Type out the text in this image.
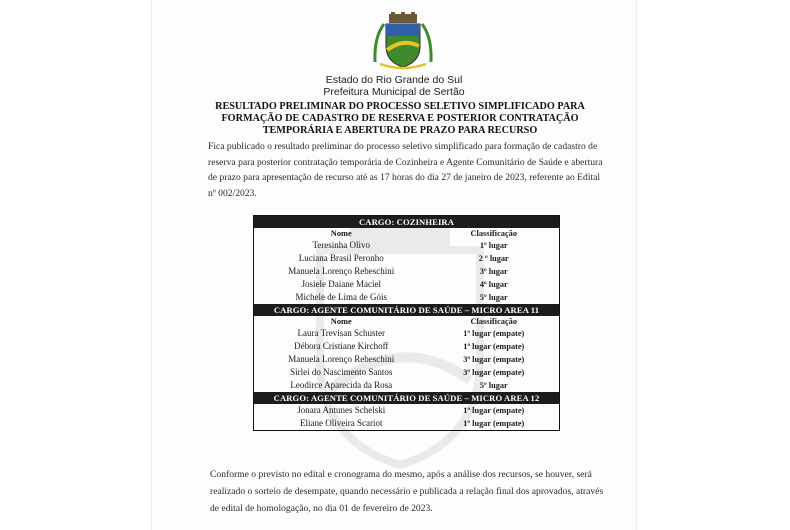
Estado do Rio Grande do Sul
Prefeitura Municipal de Sertão
RESULTADO PRELIMINAR DO PROCESSO SELETIVO SIMPLIFICADO PARA
FORMAÇÃO DE CADASTRO DE RESERVA E POSTERIOR CONTRATAÇÃO
TEMPORÁRIA E ABERTURA DE PRAZO PARA RECURSO

Fica publicado o resultado preliminar do processo seletivo simplificado para formação de cadastro de

reserva para posterior contratação temporária de Cozinheira e Agente Comunitário de Saúde e abertura

de prazo para apresentação de recurso até as 17 horas do dia 27 de janeiro de 2023, referente ao Edital

nº 002/2023.

CARGO: COZINHEIRA	
Nome	Classificação
Teresinha Olivo	1º lugar
Luciana Brasil Peronho	2 º lugar
Manuela Lorenço Rebeschini	3º lugar
Josiele Daiane Maciel	4º lugar
Michele de Lima de Góis	5º lugar
CARGO: AGENTE COMUNITÁRIO DE SAÚDE – MICRO AREA 11	
Nome	Classificação
Laura Trevisan Schuster	1º lugar (empate)
Débora Cristiane Kirchoff	1º lugar (empate)
Manuela Lorenço Rebeschini	3º lugar (empate)
Sirlei do Nascimento Santos	3º lugar (empate)
Leodirce Aparecida da Rosa	5º lugar
CARGO: AGENTE COMUNITÁRIO DE SAÚDE – MICRO AREA 12	
Jonara Antunes Schelski	1º lugar (empate)
Eliane Oliveira Scariot	1º lugar (empate)

Conforme o previsto no edital e cronograma do mesmo, após a análise dos recursos, se houver, será

realizado o sorteio de desempate, quando necessário e publicada a relação final dos aprovados, através

de edital de homologação, no dia 01 de fevereiro de 2023.
